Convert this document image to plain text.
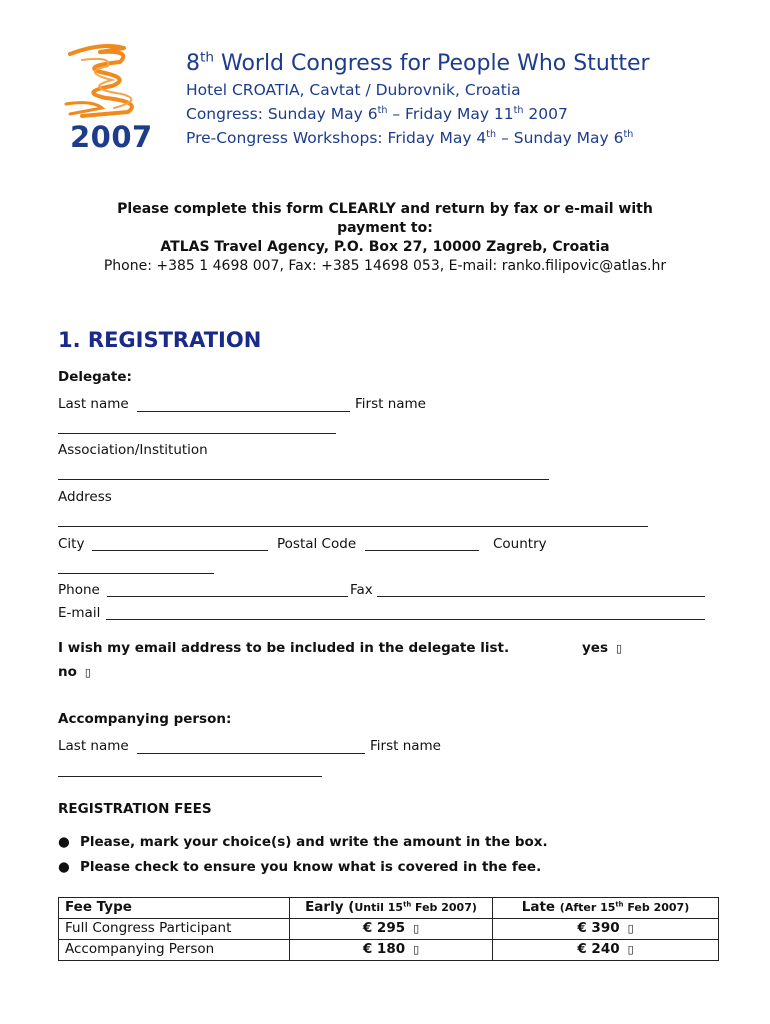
2007
8th World Congress for People Who Stutter
Hotel CROATIA, Cavtat / Dubrovnik, Croatia
Congress: Sunday May 6th – Friday May 11th 2007
Pre-Congress Workshops: Friday May 4th – Sunday May 6th
Please complete this form CLEARLY and return by fax or e-mail with
payment to:
ATLAS Travel Agency, P.O. Box 27, 10000 Zagreb, Croatia
Phone: +385 1 4698 007, Fax: +385 14698 053, E-mail: ranko.filipovic@atlas.hr
1. REGISTRATION
Delegate:
Last name	First name
Association/Institution
Address
City	Postal Code	Country
Phone	Fax
E-mail
I wish my email address to be included in the delegate list.	yes ▯
no ▯
Accompanying person:
Last name	First name
REGISTRATION FEES
● Please, mark your choice(s) and write the amount in the box.
● Please check to ensure you know what is covered in the fee.
Fee Type	Early (Until 15th Feb 2007)	Late (After 15th Feb 2007)
Full Congress Participant	€ 295 ▯	€ 390 ▯
Accompanying Person	€ 180 ▯	€ 240 ▯
